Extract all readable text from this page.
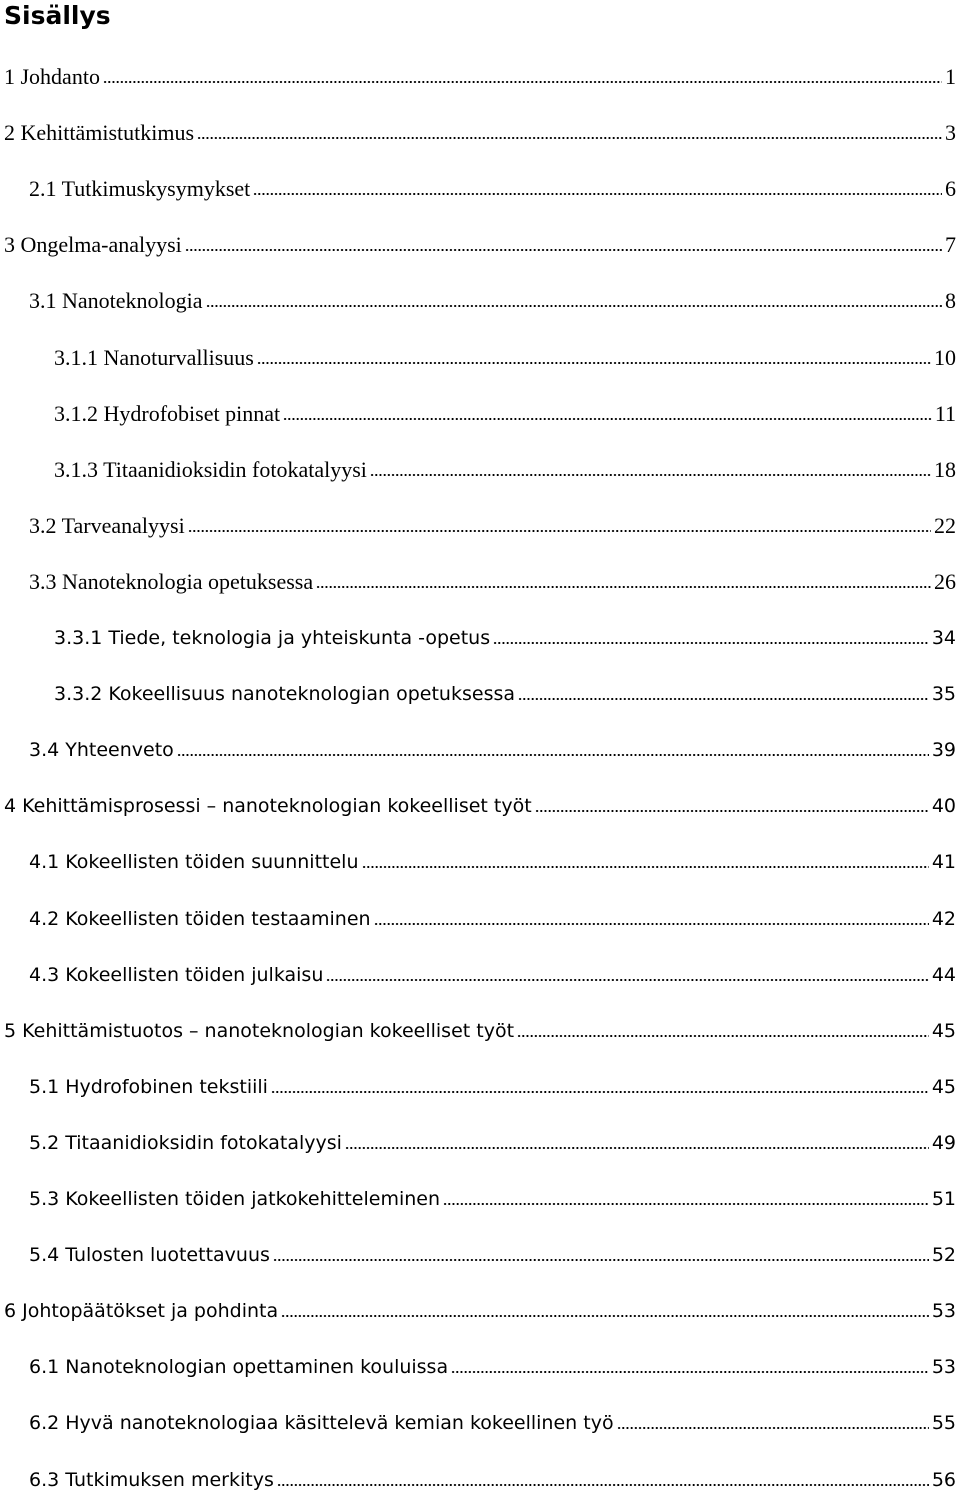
Sisällys
1 Johdanto	1
2 Kehittämistutkimus	3
2.1 Tutkimuskysymykset	6
3 Ongelma-analyysi	7
3.1 Nanoteknologia	8
3.1.1 Nanoturvallisuus	10
3.1.2 Hydrofobiset pinnat	11
3.1.3 Titaanidioksidin fotokatalyysi	18
3.2 Tarveanalyysi	22
3.3 Nanoteknologia opetuksessa	26
3.3.1 Tiede, teknologia ja yhteiskunta -opetus	34
3.3.2 Kokeellisuus nanoteknologian opetuksessa	35
3.4 Yhteenveto	39
4 Kehittämisprosessi – nanoteknologian kokeelliset työt	40
4.1 Kokeellisten töiden suunnittelu	41
4.2 Kokeellisten töiden testaaminen	42
4.3 Kokeellisten töiden julkaisu	44
5 Kehittämistuotos – nanoteknologian kokeelliset työt	45
5.1 Hydrofobinen tekstiili	45
5.2 Titaanidioksidin fotokatalyysi	49
5.3 Kokeellisten töiden jatkokehitteleminen	51
5.4 Tulosten luotettavuus	52
6 Johtopäätökset ja pohdinta	53
6.1 Nanoteknologian opettaminen kouluissa	53
6.2 Hyvä nanoteknologiaa käsittelevä kemian kokeellinen työ	55
6.3 Tutkimuksen merkitys	56
